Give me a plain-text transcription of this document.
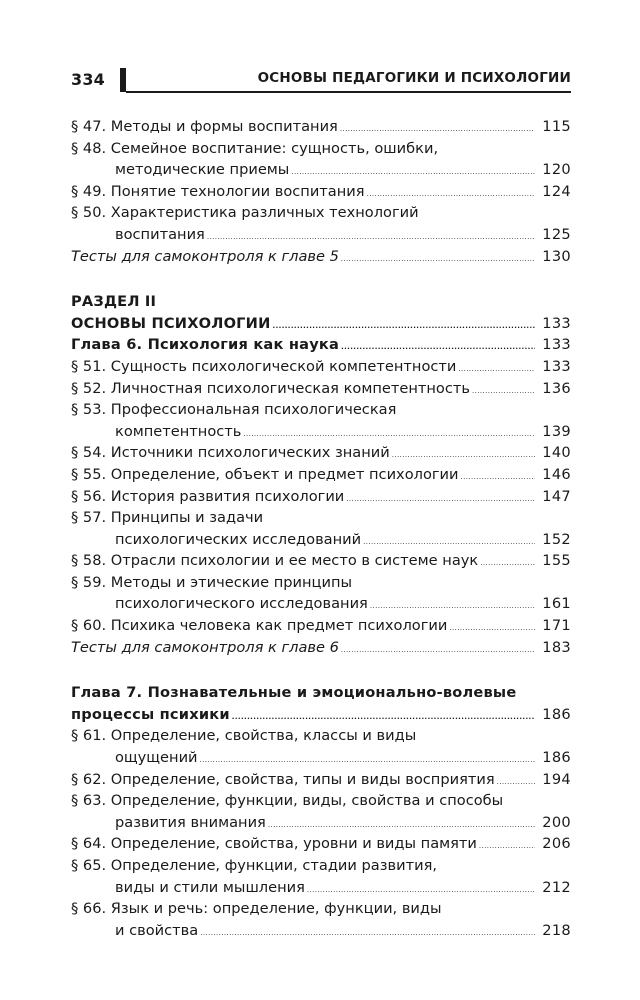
334	ОСНОВЫ ПЕДАГОГИКИ И ПСИХОЛОГИИ
§ 47. Методы и формы воспитания .....	115
§ 48. Семейное воспитание: сущность, ошибки,
методические приемы .....	120
§ 49. Понятие технологии воспитания .....	124
§ 50. Характеристика различных технологий
воспитания .....	125
Тесты для самоконтроля к главе 5 .....	130
РАЗДЕЛ II
ОСНОВЫ ПСИХОЛОГИИ .....	133
Глава 6. Психология как наука .....	133
§ 51. Сущность психологической компетентности .....	133
§ 52. Личностная психологическая компетентность .....	136
§ 53. Профессиональная психологическая
компетентность .....	139
§ 54. Источники психологических знаний .....	140
§ 55. Определение, объект и предмет психологии .....	146
§ 56. История развития психологии .....	147
§ 57. Принципы и задачи
психологических исследований .....	152
§ 58. Отрасли психологии и ее место в системе наук .....	155
§ 59. Методы и этические принципы
психологического исследования .....	161
§ 60. Психика человека как предмет психологии .....	171
Тесты для самоконтроля к главе 6 .....	183
Глава 7. Познавательные и эмоционально-волевые
процессы психики .....	186
§ 61. Определение, свойства, классы и виды
ощущений .....	186
§ 62. Определение, свойства, типы и виды восприятия .....	194
§ 63. Определение, функции, виды, свойства и способы
развития внимания .....	200
§ 64. Определение, свойства, уровни и виды памяти .....	206
§ 65. Определение, функции, стадии развития,
виды и стили мышления .....	212
§ 66. Язык и речь: определение, функции, виды
и свойства .....	218
